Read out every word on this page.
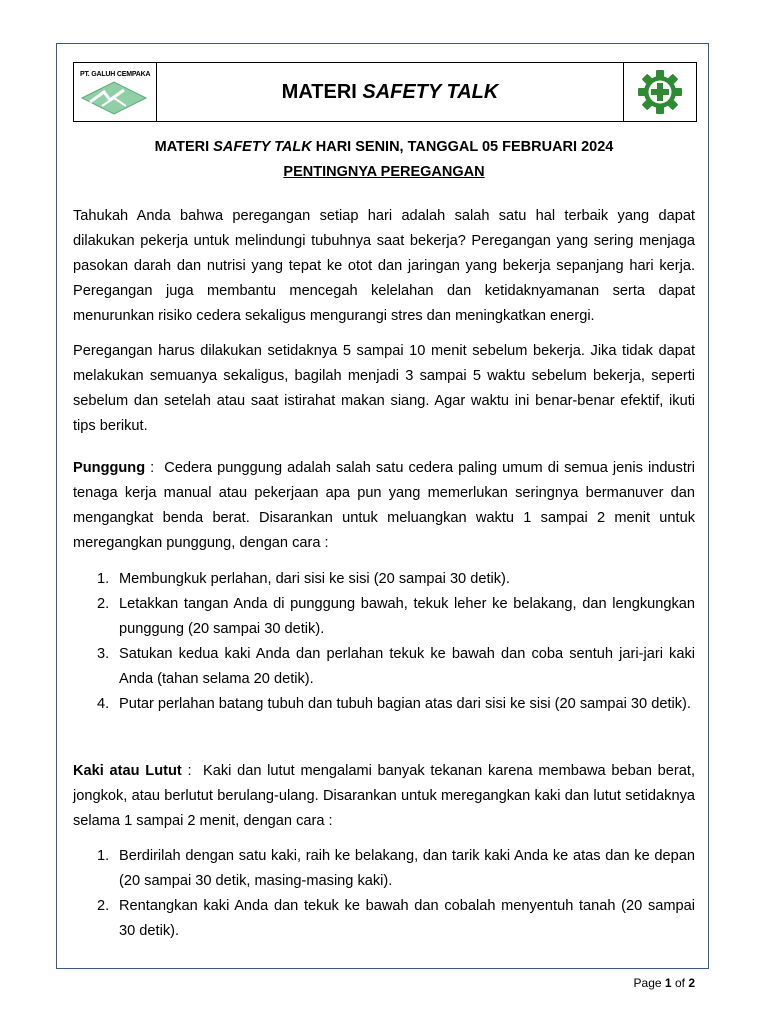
PT. GALUH CEMPAKA
MATERI SAFETY TALK
MATERI SAFETY TALK HARI SENIN, TANGGAL 05 FEBRUARI 2024
PENTINGNYA PEREGANGAN

Tahukah Anda bahwa peregangan setiap hari adalah salah satu hal terbaik yang dapat dilakukan pekerja untuk melindungi tubuhnya saat bekerja? Peregangan yang sering menjaga pasokan darah dan nutrisi yang tepat ke otot dan jaringan yang bekerja sepanjang hari kerja. Peregangan juga membantu mencegah kelelahan dan ketidaknyamanan serta dapat menurunkan risiko cedera sekaligus mengurangi stres dan meningkatkan energi.

Peregangan harus dilakukan setidaknya 5 sampai 10 menit sebelum bekerja. Jika tidak dapat melakukan semuanya sekaligus, bagilah menjadi 3 sampai 5 waktu sebelum bekerja, seperti sebelum dan setelah atau saat istirahat makan siang. Agar waktu ini benar-benar efektif, ikuti tips berikut.

Punggung :  Cedera punggung adalah salah satu cedera paling umum di semua jenis industri tenaga kerja manual atau pekerjaan apa pun yang memerlukan seringnya bermanuver dan mengangkat benda berat. Disarankan untuk meluangkan waktu 1 sampai 2 menit untuk meregangkan punggung, dengan cara :

1. Membungkuk perlahan, dari sisi ke sisi (20 sampai 30 detik).
2. Letakkan tangan Anda di punggung bawah, tekuk leher ke belakang, dan lengkungkan punggung (20 sampai 30 detik).
3. Satukan kedua kaki Anda dan perlahan tekuk ke bawah dan coba sentuh jari-jari kaki Anda (tahan selama 20 detik).
4. Putar perlahan batang tubuh dan tubuh bagian atas dari sisi ke sisi (20 sampai 30 detik).

Kaki atau Lutut :  Kaki dan lutut mengalami banyak tekanan karena membawa beban berat, jongkok, atau berlutut berulang-ulang. Disarankan untuk meregangkan kaki dan lutut setidaknya selama 1 sampai 2 menit, dengan cara :

1. Berdirilah dengan satu kaki, raih ke belakang, dan tarik kaki Anda ke atas dan ke depan (20 sampai 30 detik, masing-masing kaki).
2. Rentangkan kaki Anda dan tekuk ke bawah dan cobalah menyentuh tanah (20 sampai 30 detik).
Page 1 of 2
